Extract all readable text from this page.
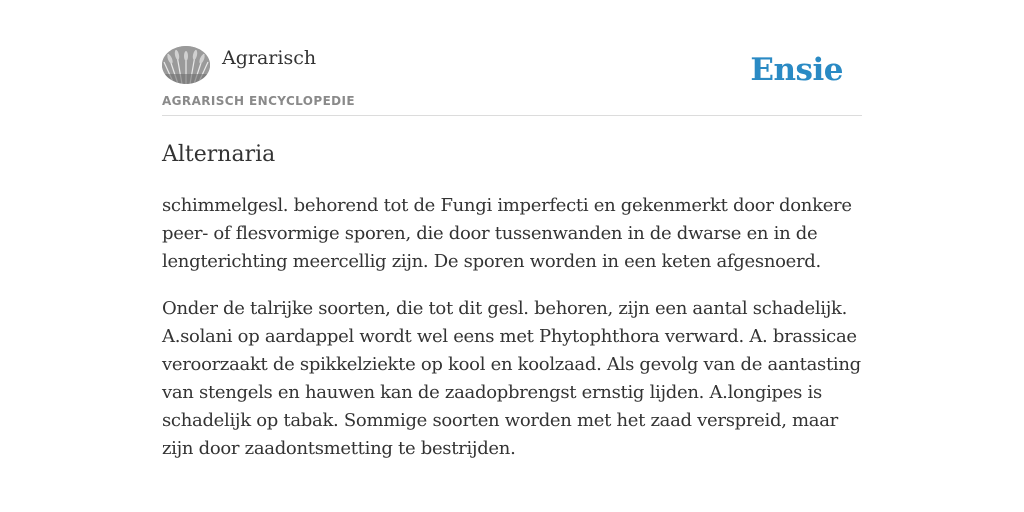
Agrarisch
AGRARISCH ENCYCLOPEDIE
Ensie
Alternaria

schimmelgesl. behorend tot de Fungi imperfecti en gekenmerkt door donkere peer- of flesvormige sporen, die door tussenwanden in de dwarse en in de lengterichting meercellig zijn. De sporen worden in een keten afgesnoerd.

Onder de talrijke soorten, die tot dit gesl. behoren, zijn een aantal schadelijk. A.solani op aardappel wordt wel eens met Phytophthora verward. A. brassicae veroorzaakt de spikkelziekte op kool en koolzaad. Als gevolg van de aantasting van stengels en hauwen kan de zaadopbrengst ernstig lijden. A.longipes is schadelijk op tabak. Sommige soorten worden met het zaad verspreid, maar zijn door zaadontsmetting te bestrijden.
